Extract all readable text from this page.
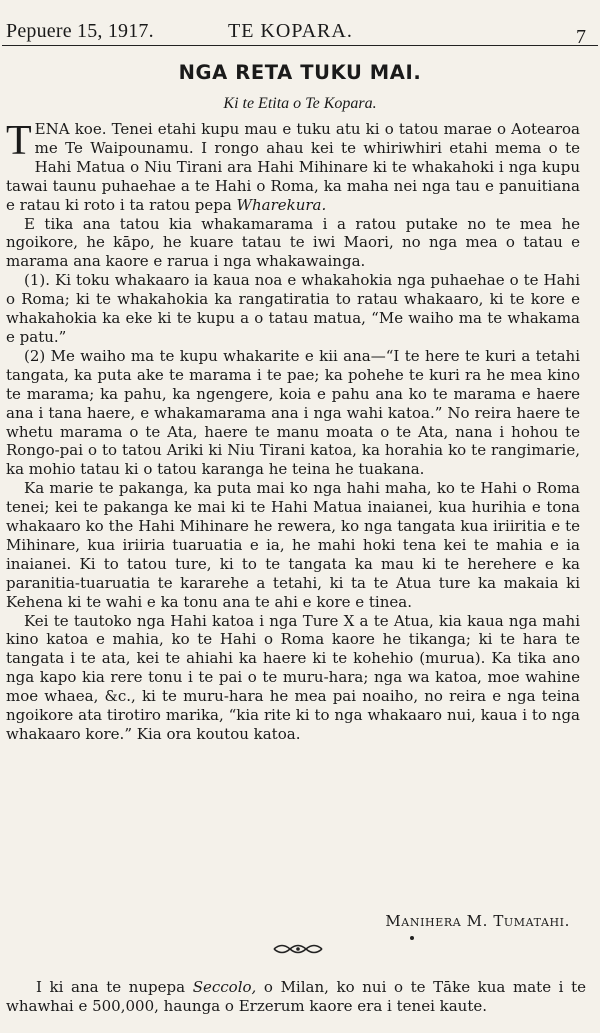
Pepuere 15, 1917.	TE KOPARA.	7
NGA RETA TUKU MAI.
Ki te Etita o Te Kopara.

TENA koe. Tenei etahi kupu mau e tuku atu ki o tatou marae o Aotearoa me Te Waipounamu. I rongo ahau kei te whiriwhiri etahi mema o te Hahi Matua o Niu Tirani ara Hahi Mihinare ki te whakahoki i nga kupu tawai taunu puhaehae a te Hahi o Roma, ka maha nei nga tau e panuitiana e ratau ki roto i ta ratou pepa Wharekura.

E tika ana tatou kia whakamarama i a ratou putake no te mea he ngoikore, he kāpo, he kuare tatau te iwi Maori, no nga mea o tatau e marama ana kaore e rarua i nga whakawainga.

(1). Ki toku whakaaro ia kaua noa e whakahokia nga puhaehae o te Hahi o Roma; ki te whakahokia ka rangatiratia to ratau whakaaro, ki te kore e whakahokia ka eke ki te kupu a o tatau matua, “Me waiho ma te whakama e patu.”

(2) Me waiho ma te kupu whakarite e kii ana—“I te here te kuri a tetahi tangata, ka puta ake te marama i te pae; ka pohehe te kuri ra he mea kino te marama; ka pahu, ka ngengere, koia e pahu ana ko te marama e haere ana i tana haere, e whakamarama ana i nga wahi katoa.” No reira haere te whetu marama o te Ata, haere te manu moata o te Ata, nana i hohou te Rongo-pai o to tatou Ariki ki Niu Tirani katoa, ka horahia ko te rangimarie, ka mohio tatau ki o tatou karanga he teina he tuakana.

Ka marie te pakanga, ka puta mai ko nga hahi maha, ko te Hahi o Roma tenei; kei te pakanga ke mai ki te Hahi Matua inaianei, kua hurihia e tona whakaaro ko the Hahi Mihinare he rewera, ko nga tangata kua iriiritia e te Mihinare, kua iriiria tuaruatia e ia, he mahi hoki tena kei te mahia e ia inaianei. Ki to tatou ture, ki to te tangata ka mau ki te herehere e ka paranitia-tuaruatia te kararehe a tetahi, ki ta te Atua ture ka makaia ki Kehena ki te wahi e ka tonu ana te ahi e kore e tinea.

Kei te tautoko nga Hahi katoa i nga Ture X a te Atua, kia kaua nga mahi kino katoa e mahia, ko te Hahi o Roma kaore he tikanga; ki te hara te tangata i te ata, kei te ahiahi ka haere ki te kohehio (murua). Ka tika ano nga kapo kia rere tonu i te pai o te muru-hara; nga wa katoa, moe wahine moe whaea, &c., ki te muru-hara he mea pai noaiho, no reira e nga teina ngoikore ata tirotiro marika, “kia rite ki to nga whakaaro nui, kaua i to nga whakaaro kore.” Kia ora koutou katoa.

Manihera M. Tumatahi.
I ki ana te nupepa Seccolo, o Milan, ko nui o te Tāke kua mate i te whawhai e 500,000, haunga o Erzerum kaore era i tenei kaute.
